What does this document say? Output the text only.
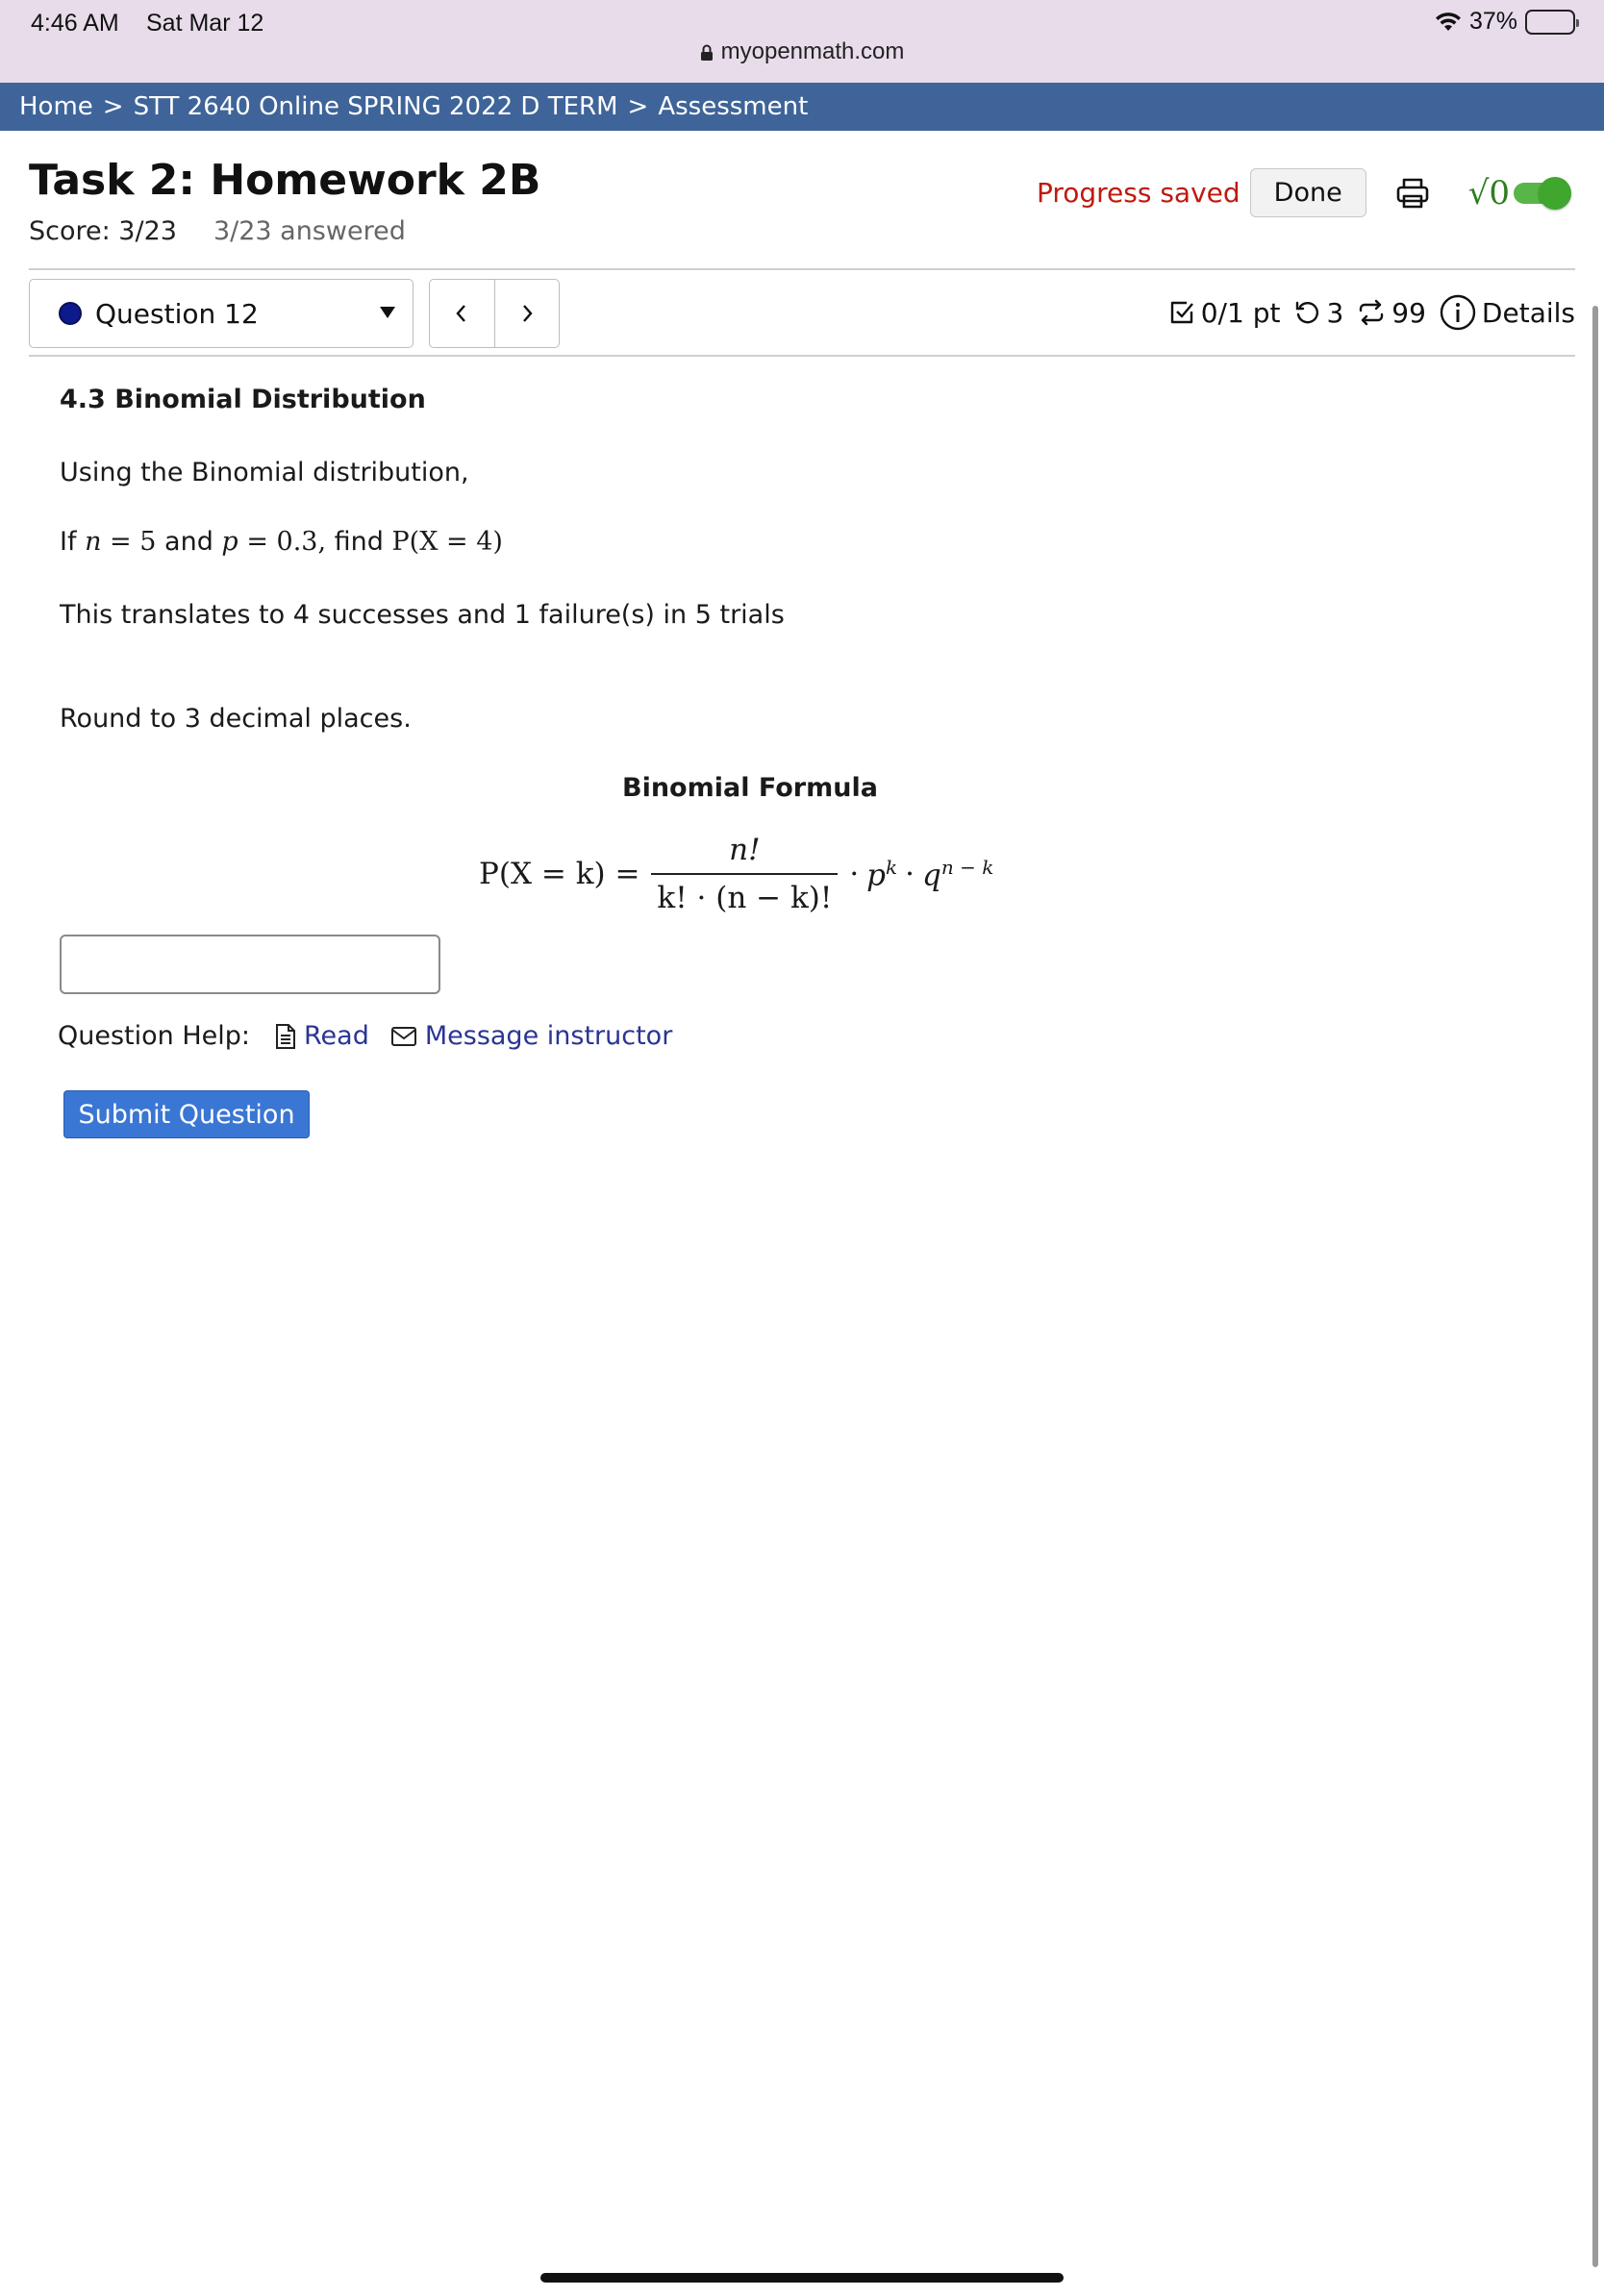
4:46 AM Sat Mar 12	37%
myopenmath.com
Home > STT 2640 Online SPRING 2022 D TERM > Assessment
Task 2: Homework 2B
Score: 3/23 3/23 answered
Progress saved	Done	√0
Question 12	0/1 pt 3 99 Details
4.3 Binomial Distribution
Using the Binomial distribution,
If n = 5 and p = 0.3, find P(X = 4)
This translates to 4 successes and 1 failure(s) in 5 trials
Round to 3 decimal places.
Binomial Formula
$P(X = k) = \frac{n!}{k! \cdot (n - k)!} \cdot p^k \cdot q^{n - k}$
Question Help: Read Message instructor
Submit Question
